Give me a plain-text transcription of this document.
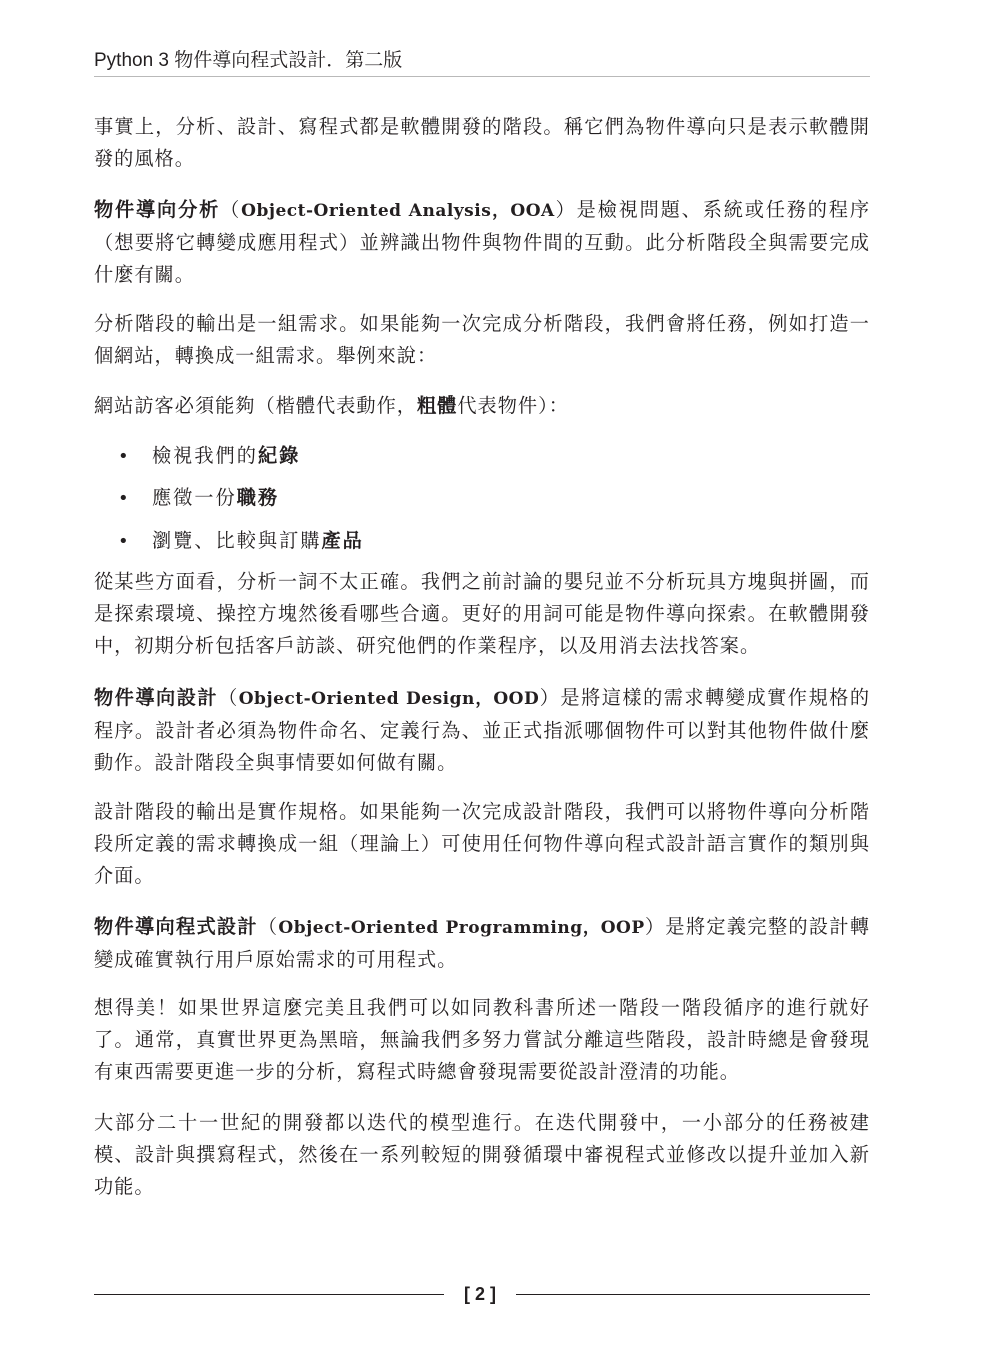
Python 3 物件導向程式設計．第二版

事實上，分析、設計、寫程式都是軟體開發的階段。稱它們為物件導向只是表示軟體開發的風格。

物件導向分析（Object-Oriented Analysis，OOA）是檢視問題、系統或任務的程序（想要將它轉變成應用程式）並辨識出物件與物件間的互動。此分析階段全與需要完成什麼有關。

分析階段的輸出是一組需求。如果能夠一次完成分析階段，我們會將任務，例如打造一個網站，轉換成一組需求。舉例來說：

網站訪客必須能夠（楷體代表動作，粗體代表物件）：

• 檢視我們的紀錄
• 應徵一份職務
• 瀏覽、比較與訂購產品

從某些方面看，分析一詞不太正確。我們之前討論的嬰兒並不分析玩具方塊與拼圖，而是探索環境、操控方塊然後看哪些合適。更好的用詞可能是物件導向探索。在軟體開發中，初期分析包括客戶訪談、研究他們的作業程序，以及用消去法找答案。

物件導向設計（Object-Oriented Design，OOD）是將這樣的需求轉變成實作規格的程序。設計者必須為物件命名、定義行為、並正式指派哪個物件可以對其他物件做什麼動作。設計階段全與事情要如何做有關。

設計階段的輸出是實作規格。如果能夠一次完成設計階段，我們可以將物件導向分析階段所定義的需求轉換成一組（理論上）可使用任何物件導向程式設計語言實作的類別與介面。

物件導向程式設計（Object-Oriented Programming，OOP）是將定義完整的設計轉變成確實執行用戶原始需求的可用程式。

想得美！如果世界這麼完美且我們可以如同教科書所述一階段一階段循序的進行就好了。通常，真實世界更為黑暗，無論我們多努力嘗試分離這些階段，設計時總是會發現有東西需要更進一步的分析，寫程式時總會發現需要從設計澄清的功能。

大部分二十一世紀的開發都以迭代的模型進行。在迭代開發中，一小部分的任務被建模、設計與撰寫程式，然後在一系列較短的開發循環中審視程式並修改以提升並加入新功能。

[ 2 ]
